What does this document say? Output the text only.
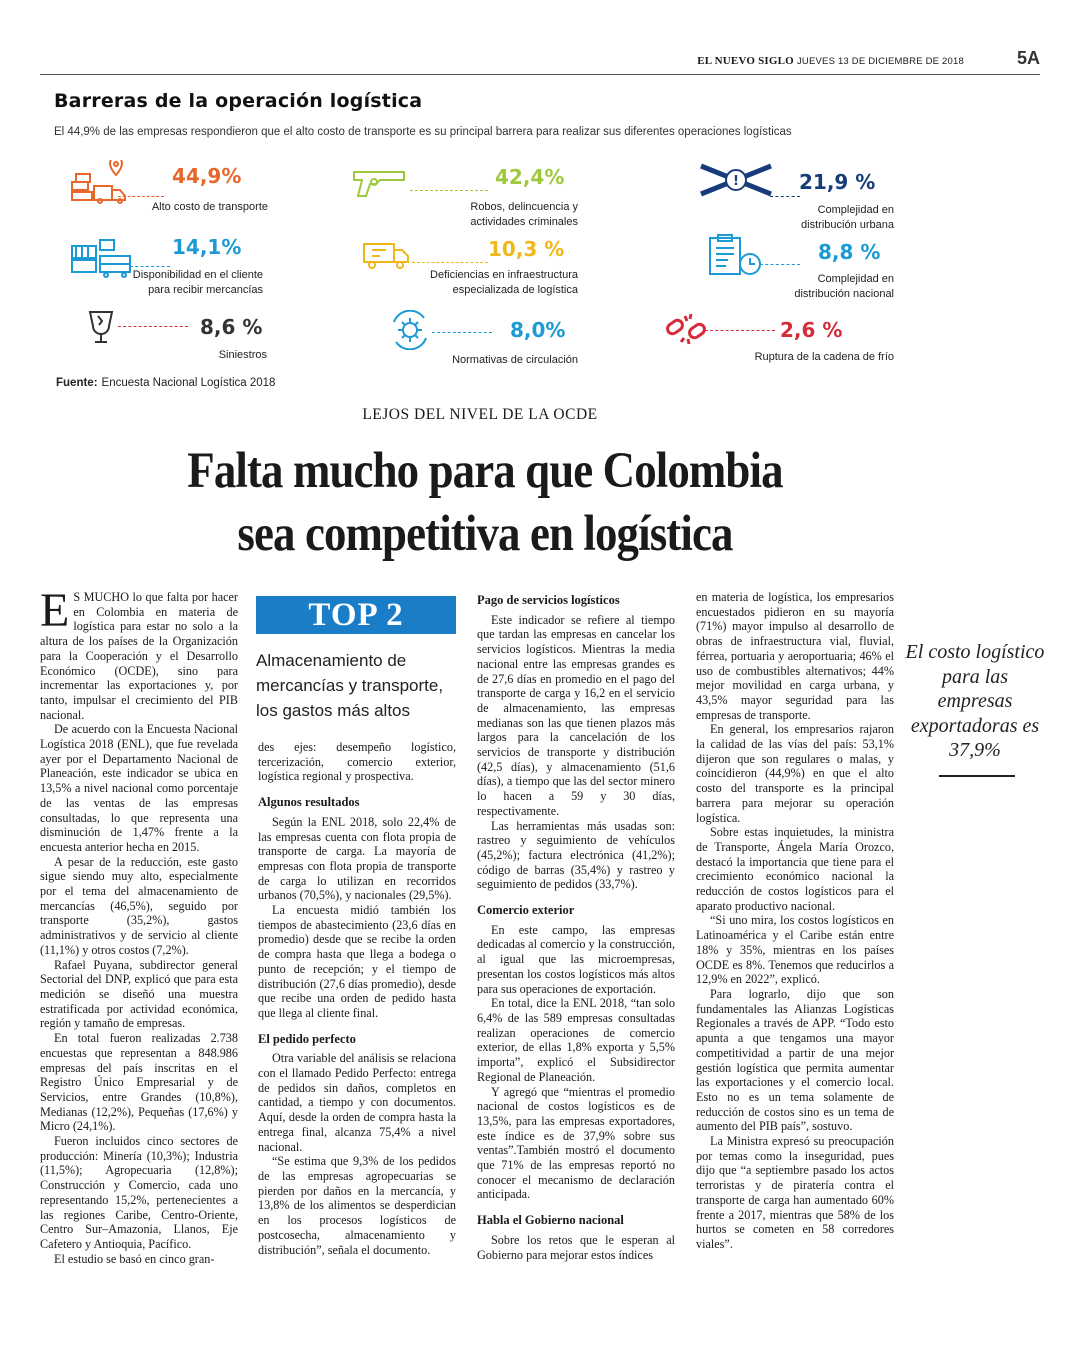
EL NUEVO SIGLO JUEVES 13 DE DICIEMBRE DE 2018	5A
Barreras de la operación logística
El 44,9% de las empresas respondieron que el alto costo de transporte es su principal barrera para realizar sus diferentes operaciones logísticas
44,9%
Alto costo de transporte
42,4%
Robos, delincuencia y
actividades criminales
!	21,9 %
Complejidad en
distribución urbana
14,1%
Disponibilidad en el cliente
para recibir mercancías
10,3 %
Deficiencias en infraestructura
especializada de logística
8,8 %
Complejidad en
distribución nacional
8,6 %
Siniestros
8,0%
Normativas de circulación
2,6 %
Ruptura de la cadena de frío
Fuente: Encuesta Nacional Logística 2018
LEJOS DEL NIVEL DE LA OCDE
Falta mucho para que Colombia
sea competitiva en logística

E S MUCHO lo que falta por hacer en Colombia en materia de logística para estar no solo a la altura de los países de la Organización para la Cooperación y el Desarrollo Económico (OCDE), sino para incrementar las exportaciones y, por tanto, impulsar el crecimiento del PIB nacional.

De acuerdo con la Encuesta Nacional Logística 2018 (ENL), que fue revelada ayer por el Departamento Nacional de Planeación, este indicador se ubica en 13,5% a nivel nacional como porcentaje de las ventas de las empresas consultadas, lo que representa una disminución de 1,47% frente a la encuesta anterior hecha en 2015.

A pesar de la reducción, este gasto sigue siendo muy alto, especialmente por el tema del almacenamiento de mercancías (46,5%), seguido por transporte (35,2%), gastos administrativos y de servicio al cliente (11,1%) y otros costos (7,2%).

Rafael Puyana, subdirector general Sectorial del DNP, explicó que para esta medición se diseñó una muestra estratificada por actividad económica, región y tamaño de empresas.

En total fueron realizadas 2.738 encuestas que representan a 848.986 empresas del país inscritas en el Registro Único Empresarial y de Servicios, entre Grandes (10,8%), Medianas (12,2%), Pequeñas (17,6%) y Micro (24,1%).

Fueron incluidos cinco sectores de producción: Minería (10,3%); Industria (11,5%); Agropecuaria (12,8%); Construcción y Comercio, cada uno representando 15,2%, pertenecientes a las regiones Caribe, Centro-Oriente, Centro Sur–Amazonia, Llanos, Eje Cafetero y Antioquia, Pacífico.

El estudio se basó en cinco gran-

TOP 2
Almacenamiento de mercancías y transporte, los gastos más altos

des ejes: desempeño logístico, tercerización, comercio exterior, logística regional y prospectiva.

Algunos resultados

Según la ENL 2018, solo 22,4% de las empresas cuenta con flota propia de transporte de carga. La mayoría de empresas con flota propia de transporte de carga lo utilizan en recorridos urbanos (70,5%), y nacionales (29,5%).

La encuesta midió también los tiempos de abastecimiento (23,6 días en promedio) desde que se recibe la orden de compra hasta que llega a bodega o punto de recepción; y el tiempo de distribución (27,6 días promedio), desde que recibe una orden de pedido hasta que llega al cliente final.

El pedido perfecto

Otra variable del análisis se relaciona con el llamado Pedido Perfecto: entrega de pedidos sin daños, completos en cantidad, a tiempo y con documentos. Aquí, desde la orden de compra hasta la entrega final, alcanza 75,4% a nivel nacional.

“Se estima que 9,3% de los pedidos de las empresas agropecuarias se pierden por daños en la mercancía, y 13,8% de los alimentos se desperdician en los procesos logísticos de postcosecha, almacenamiento y distribución”, señala el documento.

Pago de servicios logísticos

Este indicador se refiere al tiempo que tardan las empresas en cancelar los servicios logísticos. Mientras la media nacional entre las empresas grandes es de 27,6 días en promedio en el pago del transporte de carga y 16,2 en el servicio de almacenamiento, las empresas medianas son las que tienen plazos más largos para la cancelación de los servicios de transporte y distribución (42,5 días), y almacenamiento (51,6 días), a tiempo que las del sector minero lo hacen a 59 y 30 días, respectivamente.

Las herramientas más usadas son: rastreo y seguimiento de vehículos (45,2%); factura electrónica (41,2%); código de barras (35,4%) y rastreo y seguimiento de pedidos (33,7%).

Comercio exterior

En este campo, las empresas dedicadas al comercio y la construcción, al igual que las microempresas, presentan los costos logísticos más altos para sus operaciones de exportación.

En total, dice la ENL 2018, “tan solo 6,4% de las 589 empresas consultadas realizan operaciones de comercio exterior, de ellas 1,8% exporta y 5,5% importa”, explicó el Subsidirector Regional de Planeación.

Y agregó que “mientras el promedio nacional de costos logísticos es de 13,5%, para las empresas exportadores, este índice es de 37,9% sobre sus ventas”.También mostró el documento que 71% de las empresas reportó no conocer el mecanismo de declaración anticipada.

Habla el Gobierno nacional

Sobre los retos que le esperan al Gobierno para mejorar estos índices

en materia de logística, los empresarios encuestados pidieron en su mayoría (71%) mayor impulso al desarrollo de obras de infraestructura vial, fluvial, férrea, portuaria y aeroportuaria; 46% el uso de combustibles alternativos; 44% mejor movilidad en carga urbana, y 43,5% mayor seguridad para las empresas de transporte.

En general, los empresarios rajaron la calidad de las vías del país: 53,1% dijeron que son regulares o malas, y coincidieron (44,9%) en que el alto costo del transporte es la principal barrera para mejorar su operación logística.

Sobre estas inquietudes, la ministra de Transporte, Ángela María Orozco, destacó la importancia que tiene para el crecimiento económico nacional la reducción de costos logísticos para el aparato productivo nacional.

“Si uno mira, los costos logísticos en Latinoamérica y el Caribe están entre 18% y 35%, mientras en los países OCDE es 8%. Tenemos que reducirlos a 12,9% en 2022”, explicó.

Para lograrlo, dijo que son fundamentales las Alianzas Logísticas Regionales a través de APP. “Todo esto apunta a que tengamos una mayor competitividad a partir de una mejor gestión logística que permita aumentar las exportaciones y el comercio local. Esto no es un tema solamente de reducción de costos sino es un tema de aumento del PIB país”, sostuvo.

La Ministra expresó su preocupación por temas como la inseguridad, pues dijo que “a septiembre pasado los actos terroristas y de piratería contra el transporte de carga han aumentado 60% frente a 2017, mientras que 58% de los hurtos se cometen en 58 corredores viales”.

El costo logístico para las empresas exportadoras es 37,9%
